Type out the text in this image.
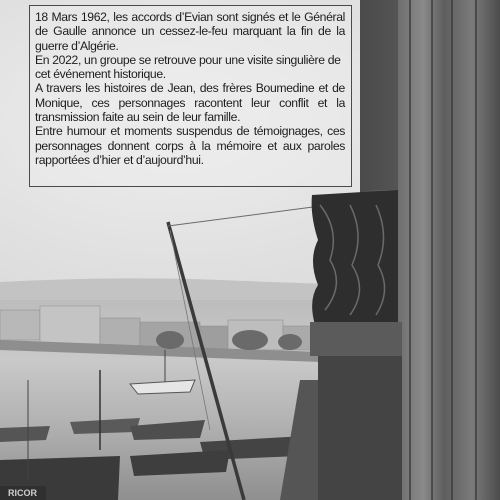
18 Mars 1962, les accords d’Evian sont signés et le Général de Gaulle annonce un cessez-le-feu marquant la fin de la guerre d’Algérie.

En 2022, un groupe se retrouve pour une visite singulière de cet événement historique.

A travers les histoires de Jean, des frères Boumedine et de Monique, ces personnages racontent leur conflit et la transmission faite au sein de leur famille.

Entre humour et moments suspendus de témoignages, ces personnages donnent corps à la mémoire et aux paroles rapportées d’hier et d’aujourd’hui.

RICOR
